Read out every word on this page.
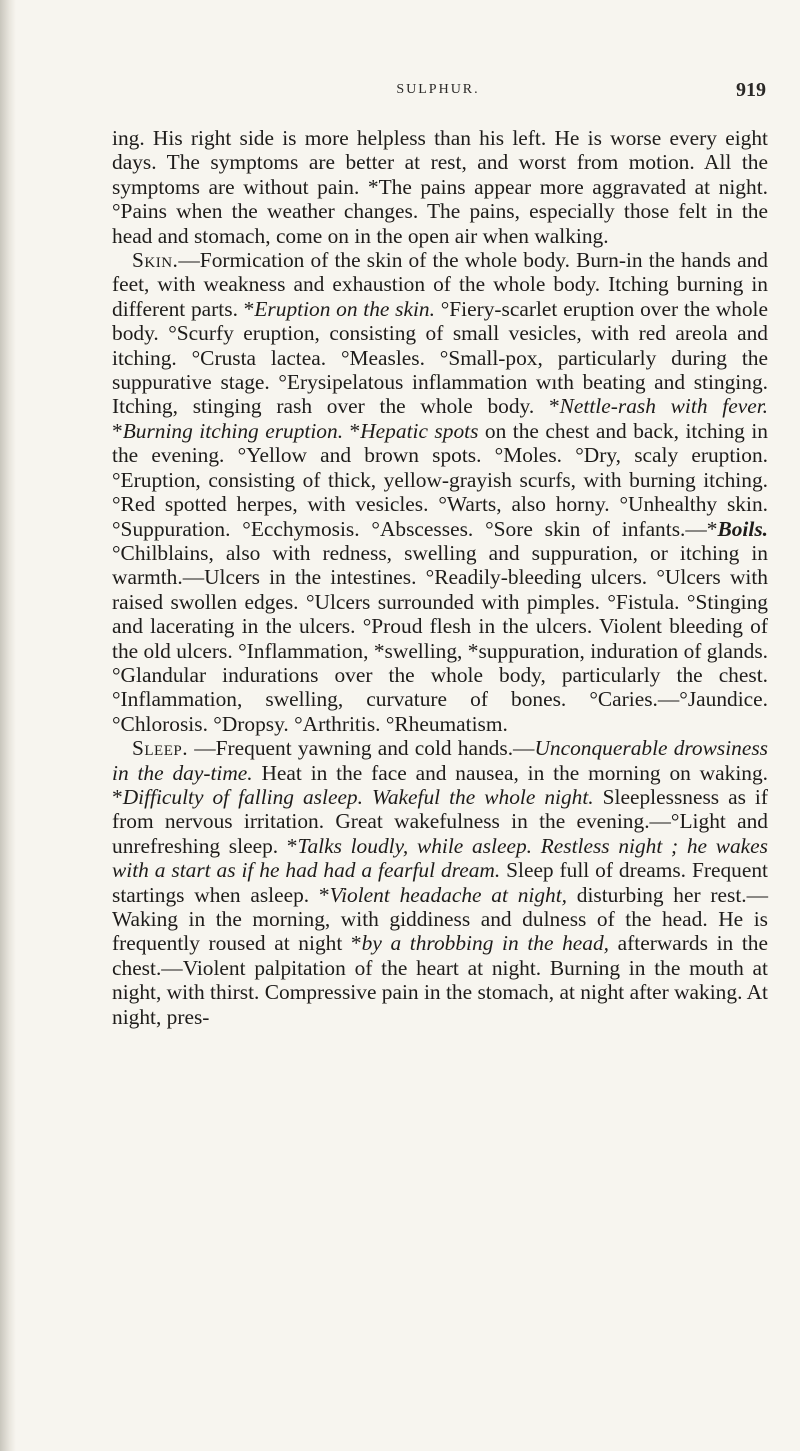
SULPHUR.	919

ing. His right side is more helpless than his left. He is worse every eight days. The symptoms are better at rest, and worst from motion. All the symptoms are without pain. *The pains appear more aggravated at night. °Pains when the weather changes. The pains, especially those felt in the head and stomach, come on in the open air when walking.

Skin.—Formication of the skin of the whole body. Burn-in the hands and feet, with weakness and exhaustion of the whole body. Itching burning in different parts. *Eruption on the skin. °Fiery-scarlet eruption over the whole body. °Scurfy eruption, consisting of small vesicles, with red areola and itching. °Crusta lactea. °Measles. °Small-pox, particularly during the suppurative stage. °Erysipelatous inflammation wıth beating and stinging. Itching, stinging rash over the whole body. *Nettle-rash with fever. *Burning itching eruption. *Hepatic spots on the chest and back, itching in the evening. °Yellow and brown spots. °Moles. °Dry, scaly eruption. °Eruption, consisting of thick, yellow-grayish scurfs, with burning itching. °Red spotted herpes, with vesicles. °Warts, also horny. °Unhealthy skin. °Suppuration. °Ecchymosis. °Abscesses. °Sore skin of infants.—*Boils. °Chilblains, also with redness, swelling and suppuration, or itching in warmth.—Ulcers in the intestines. °Readily-bleeding ulcers. °Ulcers with raised swollen edges. °Ulcers surrounded with pimples. °Fistula. °Stinging and lacerating in the ulcers. °Proud flesh in the ulcers. Violent bleeding of the old ulcers. °Inflammation, *swelling, *suppuration, induration of glands. °Glandular indurations over the whole body, particularly the chest. °Inflammation, swelling, curvature of bones. °Caries.—°Jaundice. °Chlorosis. °Dropsy. °Arthritis. °Rheumatism.

Sleep. —Frequent yawning and cold hands.—Unconquerable drowsiness in the day-time. Heat in the face and nausea, in the morning on waking. *Difficulty of falling asleep. Wakeful the whole night. Sleeplessness as if from nervous irritation. Great wakefulness in the evening.—°Light and unrefreshing sleep. *Talks loudly, while asleep. Restless night ; he wakes with a start as if he had had a fearful dream. Sleep full of dreams. Frequent startings when asleep. *Violent headache at night, disturbing her rest.—Waking in the morning, with giddiness and dulness of the head. He is frequently roused at night *by a throbbing in the head, afterwards in the chest.—Violent palpitation of the heart at night. Burning in the mouth at night, with thirst. Compressive pain in the stomach, at night after waking. At night, pres-
